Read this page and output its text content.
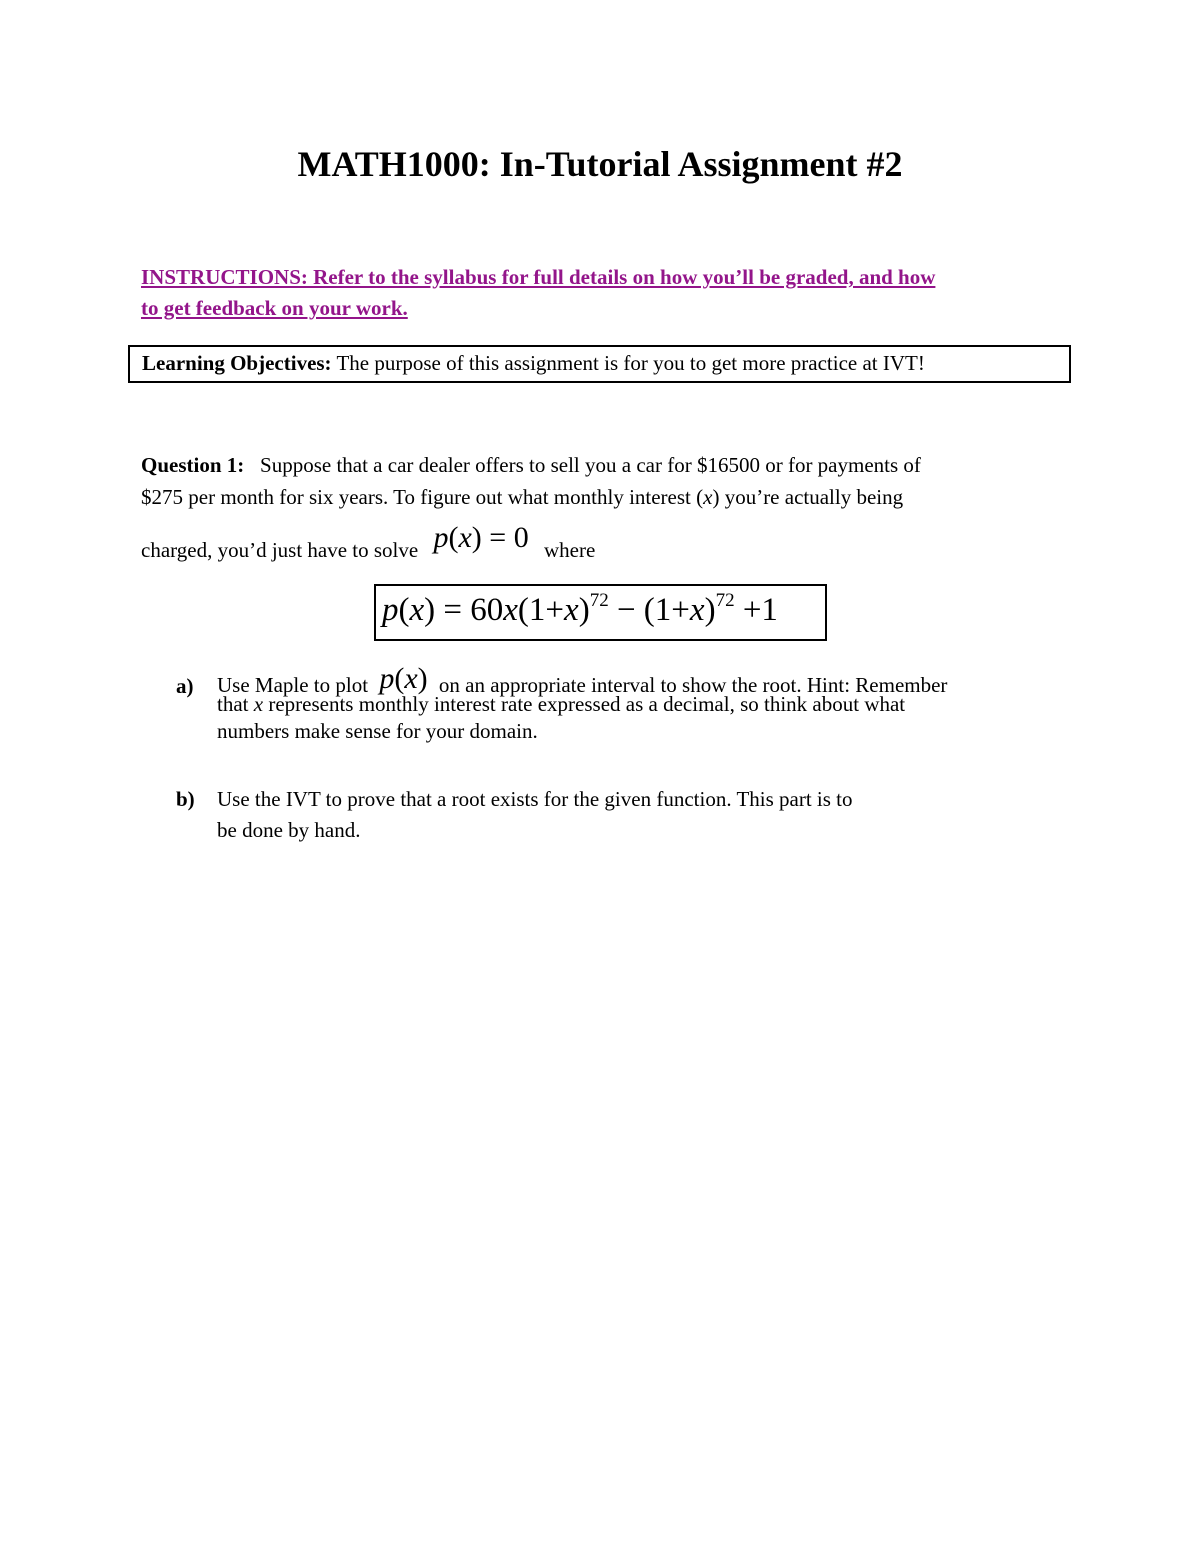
MATH1000: In-Tutorial Assignment #2
INSTRUCTIONS: Refer to the syllabus for full details on how you’ll be graded, and how
to get feedback on your work.
Learning Objectives: The purpose of this assignment is for you to get more practice at IVT!
Question 1: Suppose that a car dealer offers to sell you a car for $16500 or for payments of
$275 per month for six years. To figure out what monthly interest (x) you’re actually being
charged, you’d just have to solve p(x) = 0 where
$p(x) = 60x(1+x)^{72} - (1+x)^{72} +1$
a) Use Maple to plot p(x) on an appropriate interval to show the root. Hint: Remember
that x represents monthly interest rate expressed as a decimal, so think about what
numbers make sense for your domain.
b) Use the IVT to prove that a root exists for the given function. This part is to
be done by hand.
